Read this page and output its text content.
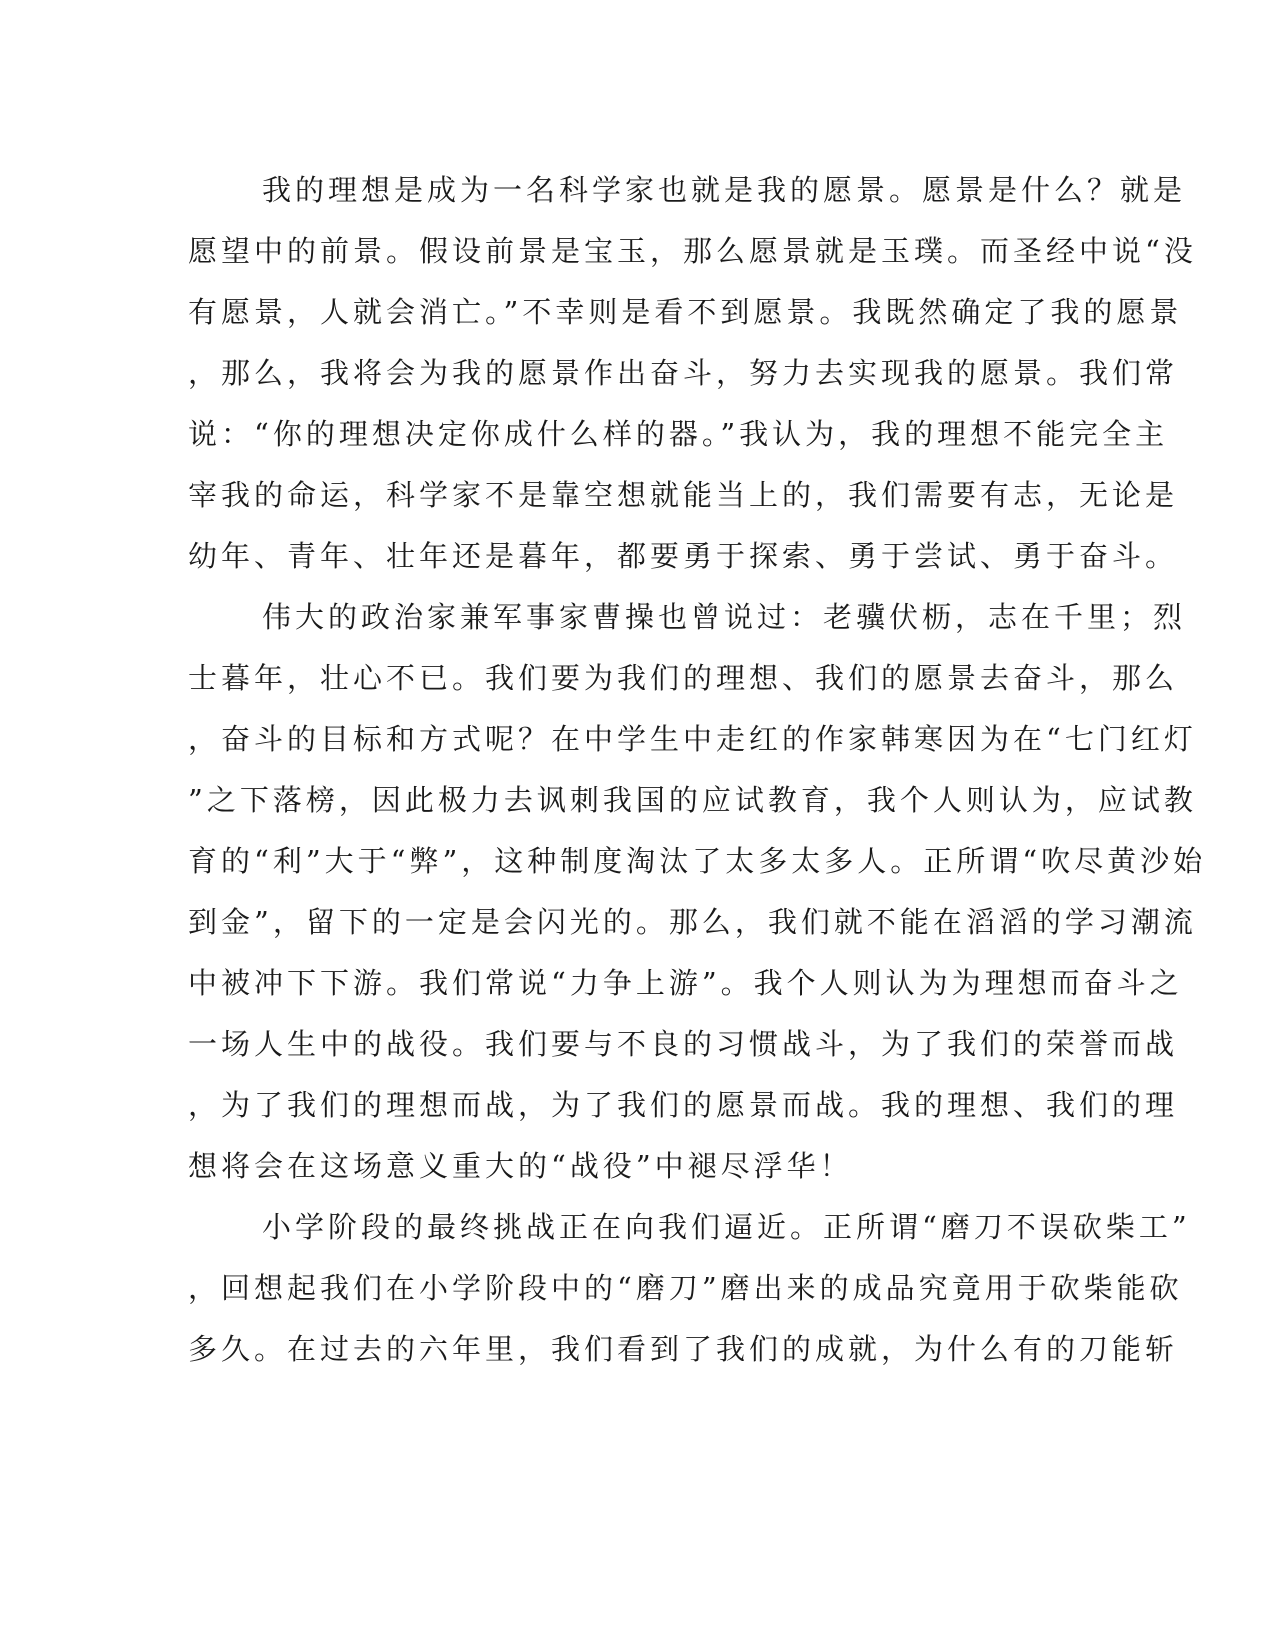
我的理想是成为一名科学家也就是我的愿景。愿景是什么？就是
愿望中的前景。假设前景是宝玉，那么愿景就是玉璞。而圣经中说“没
有愿景，人就会消亡。”不幸则是看不到愿景。我既然确定了我的愿景
，那么，我将会为我的愿景作出奋斗，努力去实现我的愿景。我们常
说：“你的理想决定你成什么样的器。”我认为，我的理想不能完全主
宰我的命运，科学家不是靠空想就能当上的，我们需要有志，无论是
幼年、青年、壮年还是暮年，都要勇于探索、勇于尝试、勇于奋斗。
伟大的政治家兼军事家曹操也曾说过：老骥伏枥，志在千里；烈
士暮年，壮心不已。我们要为我们的理想、我们的愿景去奋斗，那么
，奋斗的目标和方式呢？在中学生中走红的作家韩寒因为在“七门红灯
”之下落榜，因此极力去讽刺我国的应试教育，我个人则认为，应试教
育的“利”大于“弊”，这种制度淘汰了太多太多人。正所谓“吹尽黄沙始
到金”，留下的一定是会闪光的。那么，我们就不能在滔滔的学习潮流
中被冲下下游。我们常说“力争上游”。我个人则认为为理想而奋斗之
一场人生中的战役。我们要与不良的习惯战斗，为了我们的荣誉而战
，为了我们的理想而战，为了我们的愿景而战。我的理想、我们的理
想将会在这场意义重大的“战役”中褪尽浮华！
小学阶段的最终挑战正在向我们逼近。正所谓“磨刀不误砍柴工”
，回想起我们在小学阶段中的“磨刀”磨出来的成品究竟用于砍柴能砍
多久。在过去的六年里，我们看到了我们的成就，为什么有的刀能斩
